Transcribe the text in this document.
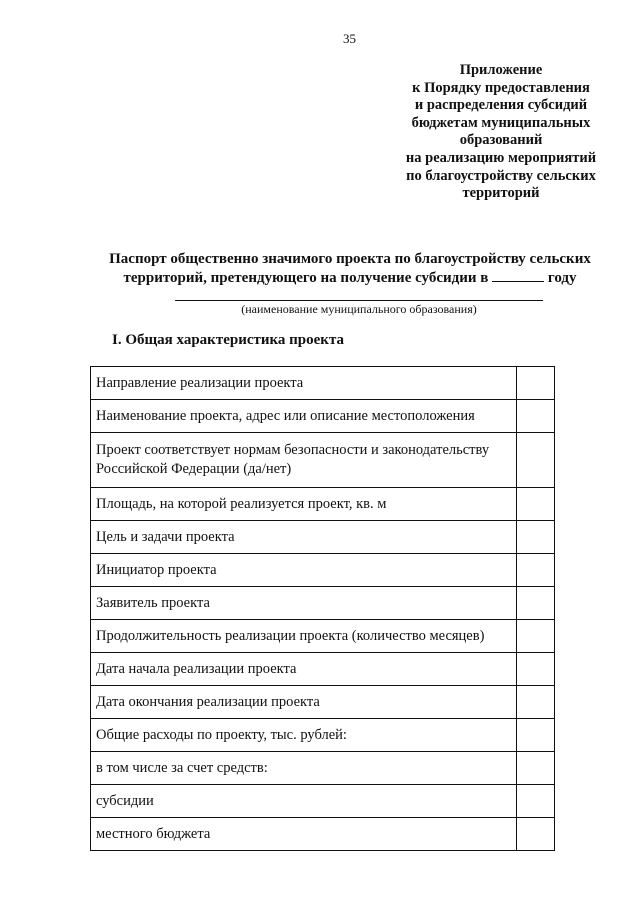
35
Приложение
к Порядку предоставления
и распределения субсидий
бюджетам муниципальных
образований
на реализацию мероприятий
по благоустройству сельских
территорий
Паспорт общественно значимого проекта по благоустройству сельских
территорий, претендующего на получение субсидии в	году
(наименование муниципального образования)
I. Общая характеристика проекта
Направление реализации проекта	
Наименование проекта, адрес или описание местоположения	
Проект соответствует нормам безопасности и законодательству Российской Федерации (да/нет)	
Площадь, на которой реализуется проект, кв. м	
Цель и задачи проекта	
Инициатор проекта	
Заявитель проекта	
Продолжительность реализации проекта (количество месяцев)	
Дата начала реализации проекта	
Дата окончания реализации проекта	
Общие расходы по проекту, тыс. рублей:	
в том числе за счет средств:	
субсидии	
местного бюджета	
